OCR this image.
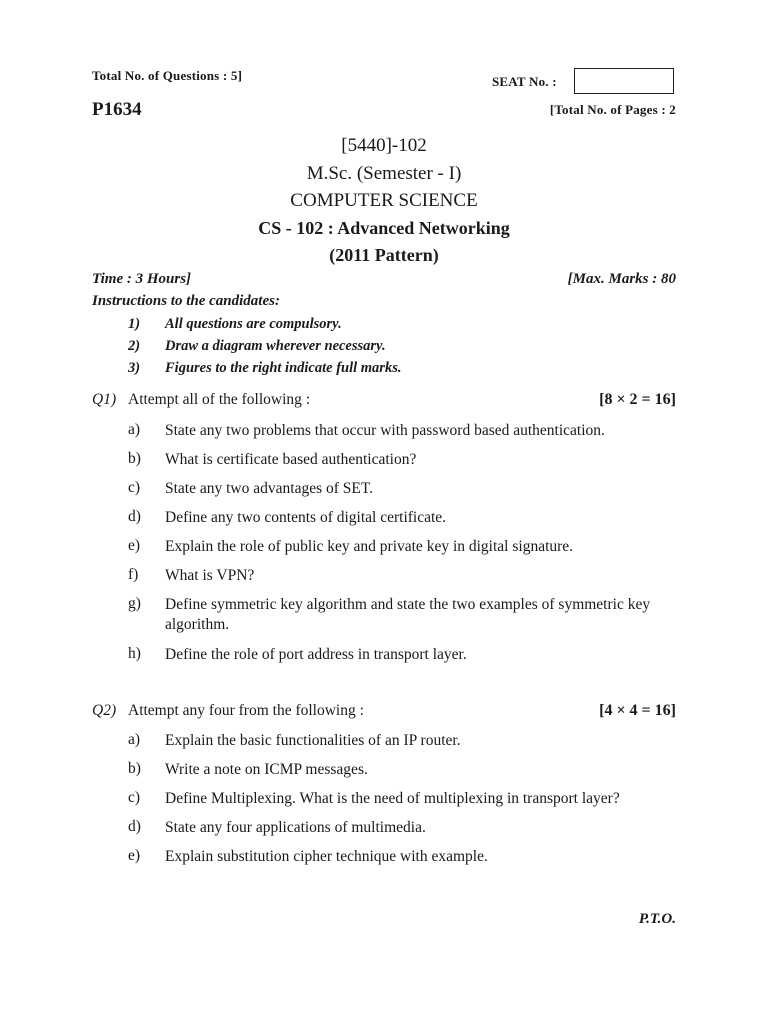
Total No. of Questions : 5]	SEAT No. :
P1634	[Total No. of Pages : 2
[5440]-102
M.Sc. (Semester - I)
COMPUTER SCIENCE
CS - 102 : Advanced Networking
(2011 Pattern)
Time : 3 Hours]	[Max. Marks : 80
Instructions to the candidates:
1) All questions are compulsory.
2) Draw a diagram wherever necessary.
3) Figures to the right indicate full marks.
Q1) Attempt all of the following :	[8 × 2 = 16]
a) State any two problems that occur with password based authentication.
b) What is certificate based authentication?
c) State any two advantages of SET.
d) Define any two contents of digital certificate.
e) Explain the role of public key and private key in digital signature.
f) What is VPN?
g) Define symmetric key algorithm and state the two examples of symmetric key algorithm.
h) Define the role of port address in transport layer.
Q2) Attempt any four from the following :	[4 × 4 = 16]
a) Explain the basic functionalities of an IP router.
b) Write a note on ICMP messages.
c) Define Multiplexing. What is the need of multiplexing in transport layer?
d) State any four applications of multimedia.
e) Explain substitution cipher technique with example.
P.T.O.
